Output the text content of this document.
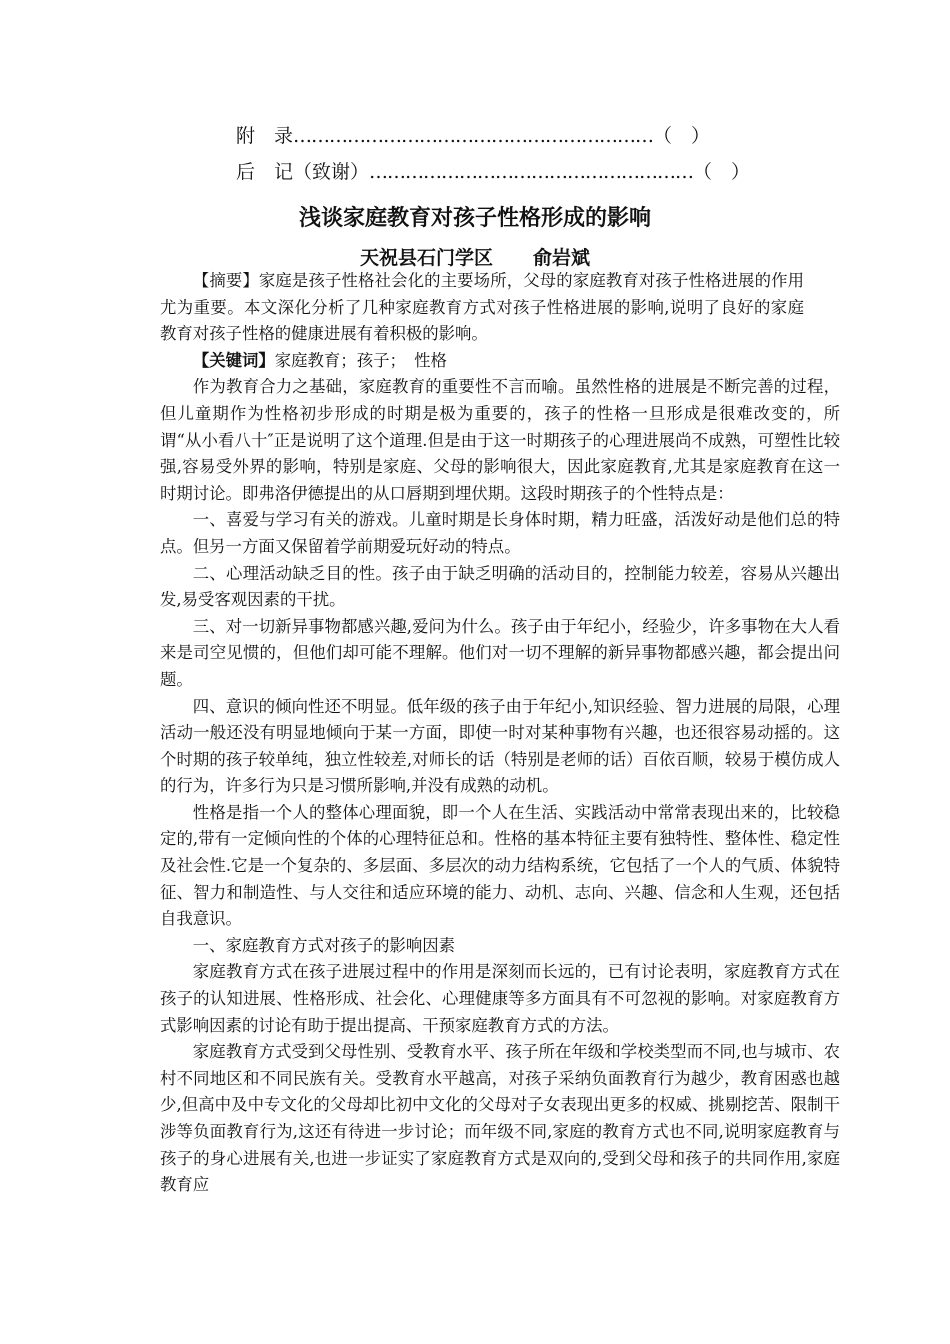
附　录……………………………………………………（　）
后　记（致谢）………………………………………………（　）
浅谈家庭教育对孩子性格形成的影响
天祝县石门学区 俞岩斌

【摘要】家庭是孩子性格社会化的主要场所，父母的家庭教育对孩子性格进展的作用尤为重要。本文深化分析了几种家庭教育方式对孩子性格进展的影响,说明了良好的家庭教育对孩子性格的健康进展有着积极的影响。

【关键词】家庭教育；孩子；　性格

作为教育合力之基础，家庭教育的重要性不言而喻。虽然性格的进展是不断完善的过程，但儿童期作为性格初步形成的时期是极为重要的，孩子的性格一旦形成是很难改变的，所谓“从小看八十″正是说明了这个道理.但是由于这一时期孩子的心理进展尚不成熟，可塑性比较强,容易受外界的影响，特别是家庭、父母的影响很大，因此家庭教育,尤其是家庭教育在这一时期讨论。即弗洛伊德提出的从口唇期到埋伏期。这段时期孩子的个性特点是：

一、喜爱与学习有关的游戏。儿童时期是长身体时期，精力旺盛，活泼好动是他们总的特点。但另一方面又保留着学前期爱玩好动的特点。

二、心理活动缺乏目的性。孩子由于缺乏明确的活动目的，控制能力较差，容易从兴趣出发,易受客观因素的干扰。

三、对一切新异事物都感兴趣,爱问为什么。孩子由于年纪小，经验少，许多事物在大人看来是司空见惯的，但他们却可能不理解。他们对一切不理解的新异事物都感兴趣，都会提出问题。

四、意识的倾向性还不明显。低年级的孩子由于年纪小,知识经验、智力进展的局限，心理活动一般还没有明显地倾向于某一方面，即使一时对某种事物有兴趣，也还很容易动摇的。这个时期的孩子较单纯，独立性较差,对师长的话（特别是老师的话）百依百顺，较易于模仿成人的行为，许多行为只是习惯所影响,并没有成熟的动机。

性格是指一个人的整体心理面貌，即一个人在生活、实践活动中常常表现出来的，比较稳定的,带有一定倾向性的个体的心理特征总和。性格的基本特征主要有独特性、整体性、稳定性及社会性.它是一个复杂的、多层面、多层次的动力结构系统，它包括了一个人的气质、体貌特征、智力和制造性、与人交往和适应环境的能力、动机、志向、兴趣、信念和人生观，还包括自我意识。

一、家庭教育方式对孩子的影响因素

家庭教育方式在孩子进展过程中的作用是深刻而长远的，已有讨论表明，家庭教育方式在孩子的认知进展、性格形成、社会化、心理健康等多方面具有不可忽视的影响。对家庭教育方式影响因素的讨论有助于提出提高、干预家庭教育方式的方法。

家庭教育方式受到父母性别、受教育水平、孩子所在年级和学校类型而不同,也与城市、农村不同地区和不同民族有关。受教育水平越高，对孩子采纳负面教育行为越少，教育困惑也越少,但高中及中专文化的父母却比初中文化的父母对子女表现出更多的权威、挑剔挖苦、限制干涉等负面教育行为,这还有待进一步讨论；而年级不同,家庭的教育方式也不同,说明家庭教育与孩子的身心进展有关,也进一步证实了家庭教育方式是双向的,受到父母和孩子的共同作用,家庭教育应
